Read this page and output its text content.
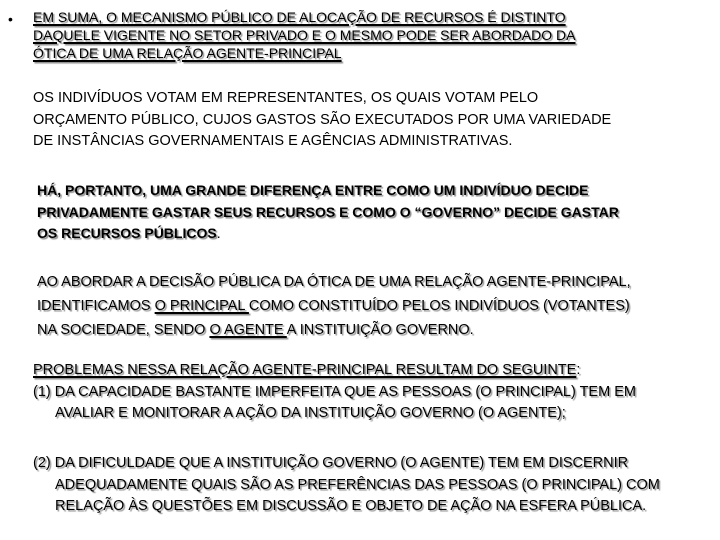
• EM SUMA, O MECANISMO PÚBLICO DE ALOCAÇÃO DE RECURSOS É DISTINTO
DAQUELE VIGENTE NO SETOR PRIVADO E O MESMO PODE SER ABORDADO DA
ÓTICA DE UMA RELAÇÃO AGENTE-PRINCIPAL
OS INDIVÍDUOS VOTAM EM REPRESENTANTES, OS QUAIS VOTAM PELO
ORÇAMENTO PÚBLICO, CUJOS GASTOS SÃO EXECUTADOS POR UMA VARIEDADE
DE INSTÂNCIAS GOVERNAMENTAIS E AGÊNCIAS ADMINISTRATIVAS.
HÁ, PORTANTO, UMA GRANDE DIFERENÇA ENTRE COMO UM INDIVÍDUO DECIDE
PRIVADAMENTE GASTAR SEUS RECURSOS E COMO O “GOVERNO” DECIDE GASTAR
OS RECURSOS PÚBLICOS.
AO ABORDAR A DECISÃO PÚBLICA DA ÓTICA DE UMA RELAÇÃO AGENTE-PRINCIPAL,
IDENTIFICAMOS O PRINCIPAL COMO CONSTITUÍDO PELOS INDIVÍDUOS (VOTANTES)
NA SOCIEDADE, SENDO O AGENTE A INSTITUIÇÃO GOVERNO.
PROBLEMAS NESSA RELAÇÃO AGENTE-PRINCIPAL RESULTAM DO SEGUINTE:
(1) DA CAPACIDADE BASTANTE IMPERFEITA QUE AS PESSOAS (O PRINCIPAL) TEM EM
AVALIAR E MONITORAR A AÇÃO DA INSTITUIÇÃO GOVERNO (O AGENTE);
(2) DA DIFICULDADE QUE A INSTITUIÇÃO GOVERNO (O AGENTE) TEM EM DISCERNIR
ADEQUADAMENTE QUAIS SÃO AS PREFERÊNCIAS DAS PESSOAS (O PRINCIPAL) COM
RELAÇÃO ÀS QUESTÕES EM DISCUSSÃO E OBJETO DE AÇÃO NA ESFERA PÚBLICA.
